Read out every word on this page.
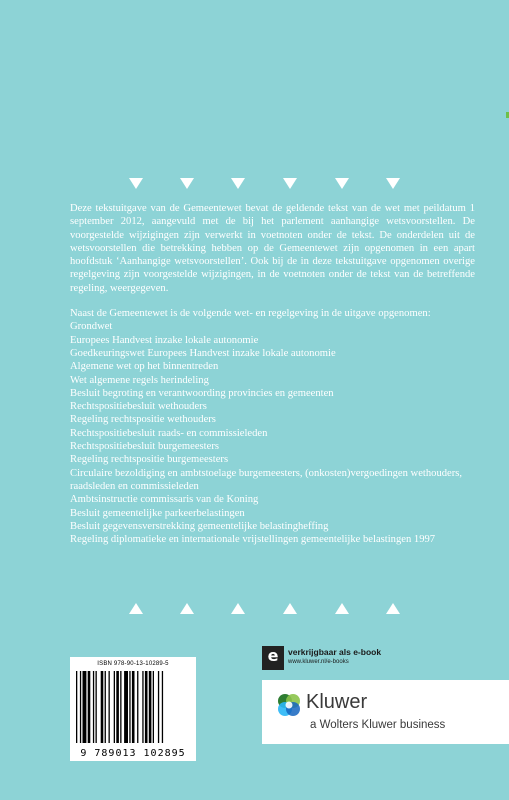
Deze tekstuitgave van de Gemeentewet bevat de geldende tekst van de wet met peildatum 1 september 2012, aangevuld met de bij het parlement aanhangige wetsvoorstellen. De voorgestelde wijzigingen zijn verwerkt in voetnoten onder de tekst. De onderdelen uit de wetsvoorstellen die betrekking hebben op de Gemeentewet zijn opgenomen in een apart hoofdstuk ‘Aanhangige wetsvoorstellen’. Ook bij de in deze tekstuitgave opgenomen overige regelgeving zijn voorgestelde wijzigingen, in de voetnoten onder de tekst van de betreffende regeling, weergegeven.

Naast de Gemeentewet is de volgende wet- en regelgeving in de uitgave opgenomen:
Grondwet
Europees Handvest inzake lokale autonomie
Goedkeuringswet Europees Handvest inzake lokale autonomie
Algemene wet op het binnentreden
Wet algemene regels herindeling
Besluit begroting en verantwoording provincies en gemeenten
Rechtspositiebesluit wethouders
Regeling rechtspositie wethouders
Rechtspositiebesluit raads- en commissieleden
Rechtspositiebesluit burgemeesters
Regeling rechtspositie burgemeesters
Circulaire bezoldiging en ambtstoelage burgemeesters, (onkosten)vergoedingen wethouders, raadsleden en commissieleden
Ambtsinstructie commissaris van de Koning
Besluit gemeentelijke parkeerbelastingen
Besluit gegevensverstrekking gemeentelijke belastingheffing
Regeling diplomatieke en internationale vrijstellingen gemeentelijke belastingen 1997
ISBN 978-90-13-10289-5
9 789013 102895
e	verkrijgbaar als e-book
www.kluwer.nl/e-books
Kluwer
a Wolters Kluwer business
